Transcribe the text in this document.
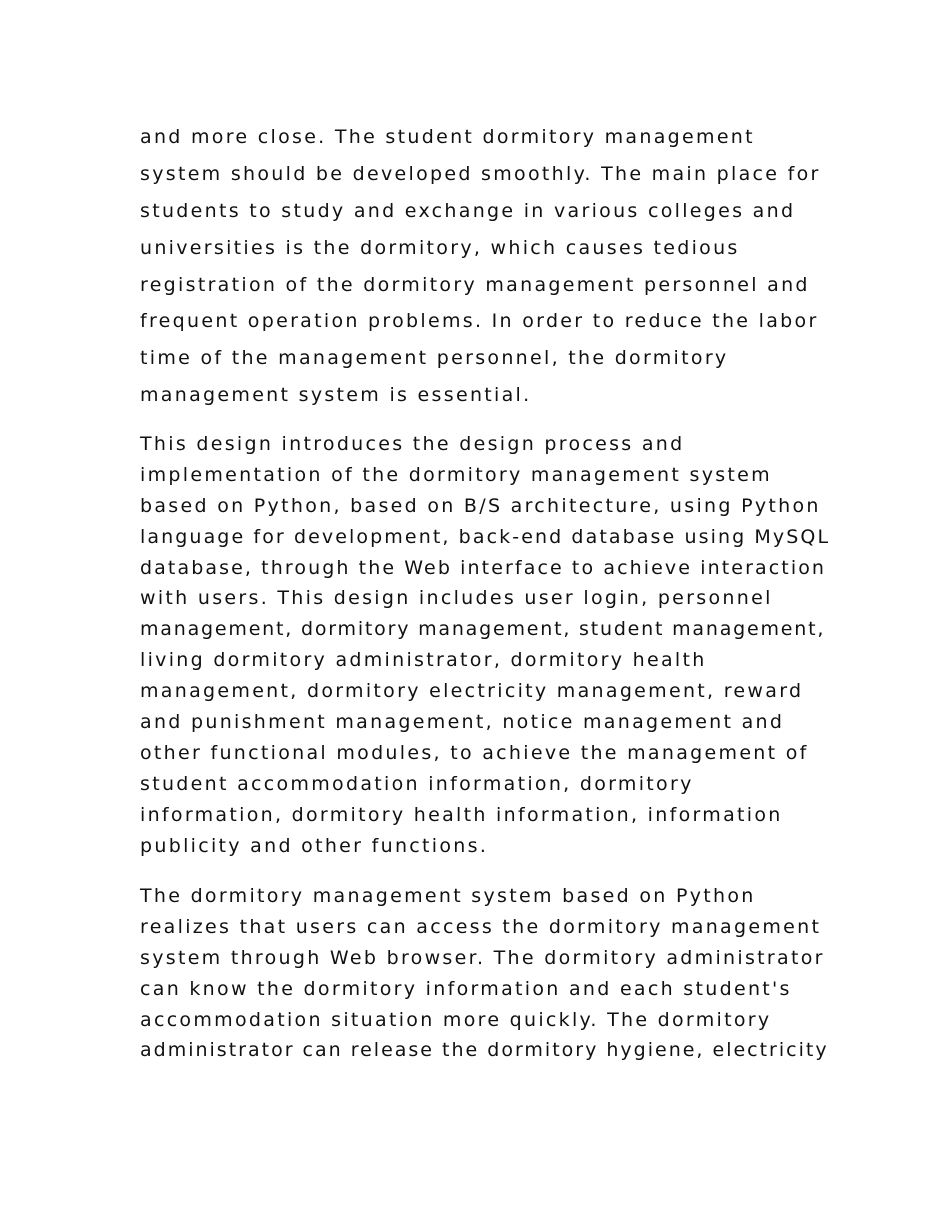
and more close. The student dormitory management
system should be developed smoothly. The main place for
students to study and exchange in various colleges and
universities is the dormitory, which causes tedious
registration of the dormitory management personnel and
frequent operation problems. In order to reduce the labor
time of the management personnel, the dormitory
management system is essential.

This design introduces the design process and
implementation of the dormitory management system
based on Python, based on B/S architecture, using Python
language for development, back-end database using MySQL
database, through the Web interface to achieve interaction
with users. This design includes user login, personnel
management, dormitory management, student management,
living dormitory administrator, dormitory health
management, dormitory electricity management, reward
and punishment management, notice management and
other functional modules, to achieve the management of
student accommodation information, dormitory
information, dormitory health information, information
publicity and other functions.

The dormitory management system based on Python
realizes that users can access the dormitory management
system through Web browser. The dormitory administrator
can know the dormitory information and each student's
accommodation situation more quickly. The dormitory
administrator can release the dormitory hygiene, electricity
